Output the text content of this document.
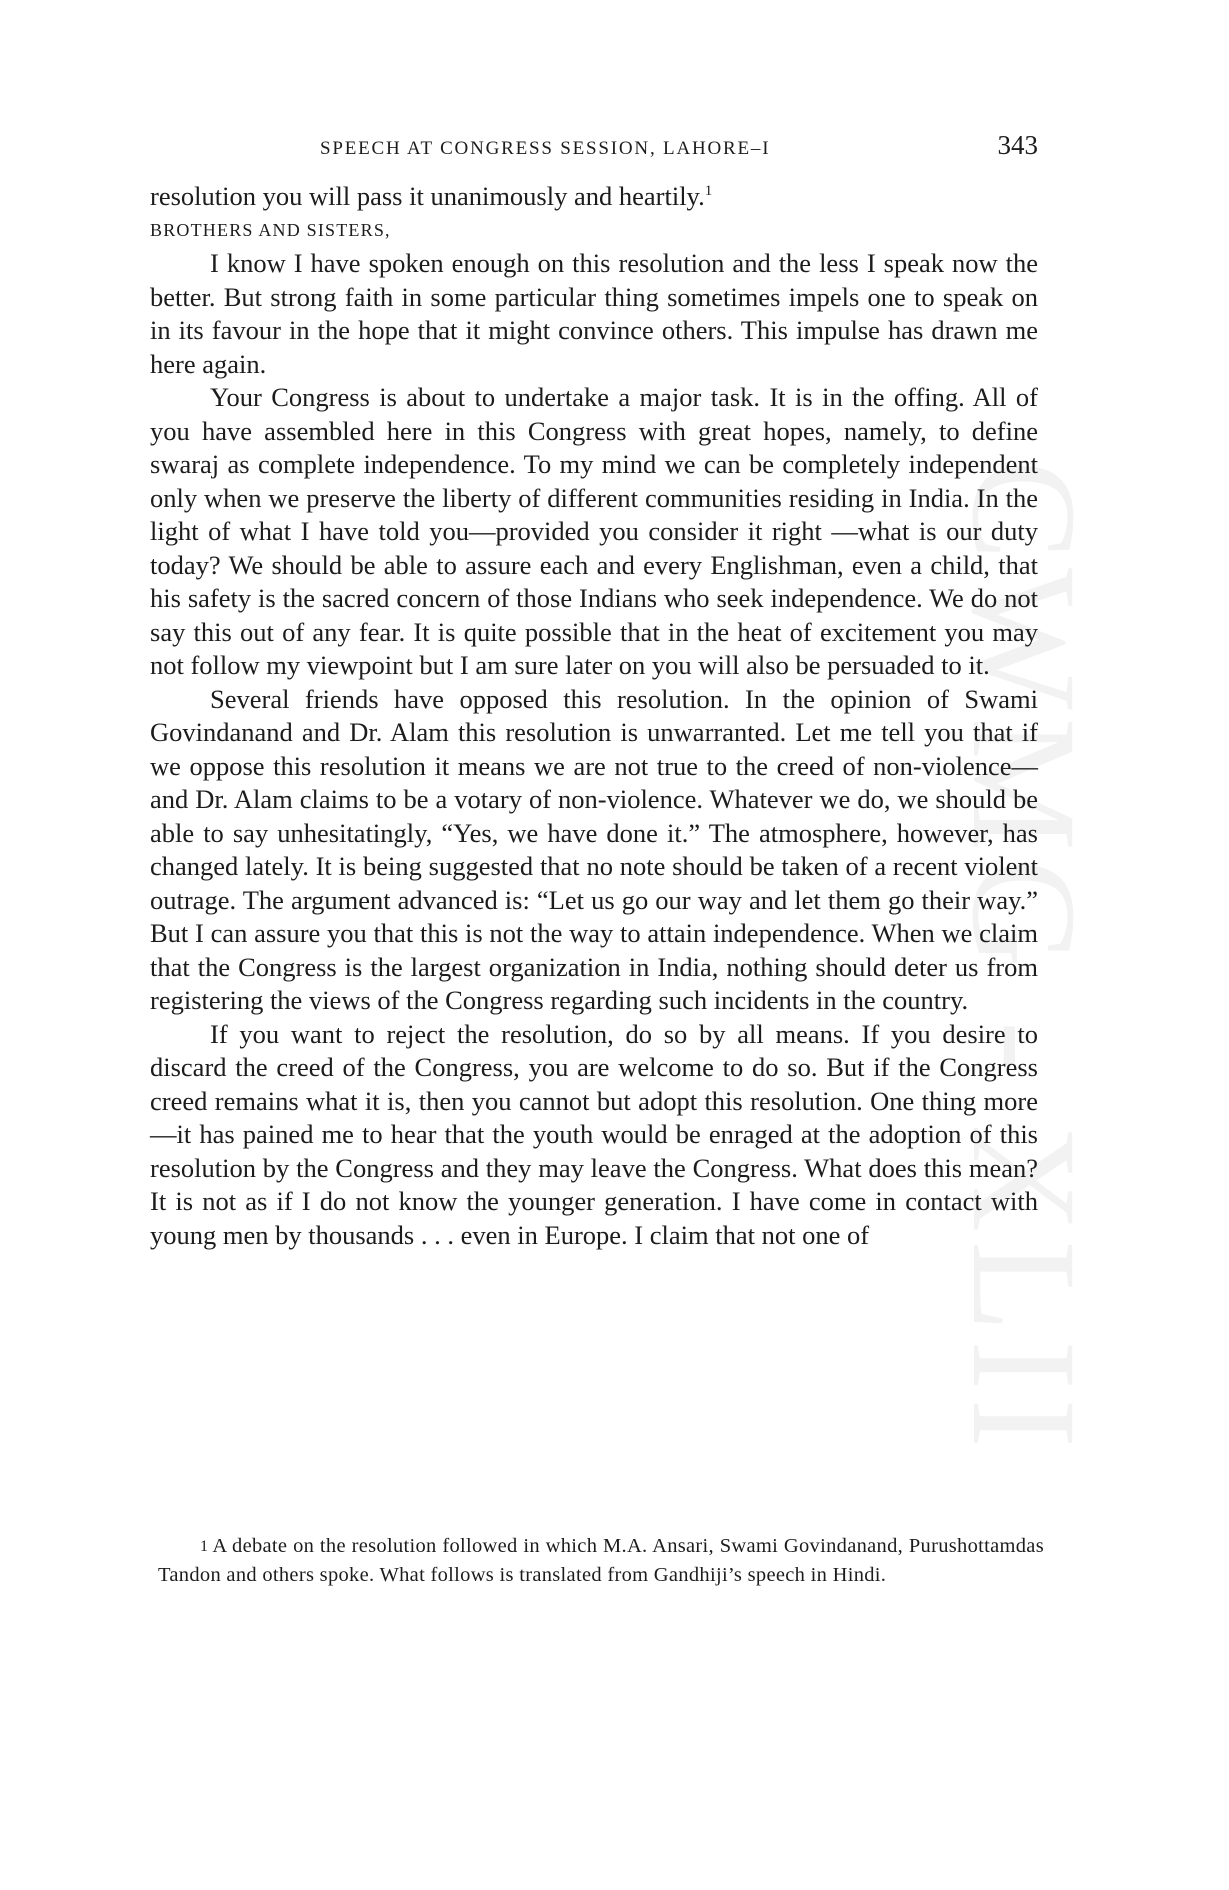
CWMG - XLII
SPEECH AT CONGRESS SESSION, LAHORE–I	343

resolution you will pass it unanimously and heartily.$^1$

BROTHERS AND SISTERS,

I know I have spoken enough on this resolution and the less I speak now the better. But strong faith in some particular thing sometimes impels one to speak on in its favour in the hope that it might convince others. This impulse has drawn me here again.

Your Congress is about to undertake a major task. It is in the offing. All of you have assembled here in this Congress with great hopes, namely, to define swaraj as complete independence. To my mind we can be completely independent only when we preserve the liberty of different communities residing in India. In the light of what I have told you—provided you consider it right —what is our duty today? We should be able to assure each and every Englishman, even a child, that his safety is the sacred concern of those Indians who seek independence. We do not say this out of any fear. It is quite possible that in the heat of excitement you may not follow my viewpoint but I am sure later on you will also be persuaded to it.

Several friends have opposed this resolution. In the opinion of Swami Govindanand and Dr. Alam this resolution is unwarranted. Let me tell you that if we oppose this resolution it means we are not true to the creed of non-violence—and Dr. Alam claims to be a votary of non-violence. Whatever we do, we should be able to say unhesitatingly, “Yes, we have done it.” The atmosphere, however, has changed lately. It is being suggested that no note should be taken of a recent violent outrage. The argument advanced is: “Let us go our way and let them go their way.” But I can assure you that this is not the way to attain independence. When we claim that the Congress is the largest organization in India, nothing should deter us from registering the views of the Congress regarding such incidents in the country.

If you want to reject the resolution, do so by all means. If you desire to discard the creed of the Congress, you are welcome to do so. But if the Congress creed remains what it is, then you cannot but adopt this resolution. One thing more—it has pained me to hear that the youth would be enraged at the adoption of this resolution by the Congress and they may leave the Congress. What does this mean? It is not as if I do not know the younger generation. I have come in contact with young men by thousands . . . even in Europe. I claim that not one of

$^1$ A debate on the resolution followed in which M.A. Ansari, Swami Govindanand, Purushottamdas Tandon and others spoke. What follows is translated from Gandhiji’s speech in Hindi.
